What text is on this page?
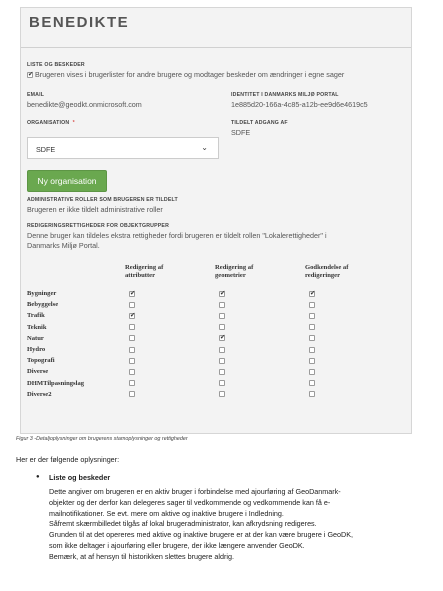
BENEDIKTE
LISTE OG BESKEDER
✔ Brugeren vises i brugerlister for andre brugere og modtager beskeder om ændringer i egne sager
EMAIL
benedikte@geodkt.onmicrosoft.com
IDENTITET I DANMARKS MILJØ PORTAL
1e885d20-166a-4c85-a12b-ee9d6e4619c5
ORGANISATION *
SDFE	⌄
TILDELT ADGANG AF
SDFE
Ny organisation
ADMINISTRATIVE ROLLER SOM BRUGEREN ER TILDELT
Brugeren er ikke tildelt administrative roller
REDIGERINGSRETTIGHEDER FOR OBJEKTGRUPPER
Denne bruger kan tildeles ekstra rettigheder fordi brugeren er tildelt rollen "Lokalerettigheder" i
Danmarks Miljø Portal.
	Redigering af
attributter	Redigering af
geometrier	Godkendelse af
redigeringer
Bygninger	✔	✔	✔
Bebyggelse			
Trafik	✔		
Teknik			
Natur		✔	
Hydro			
Topografi			
Diverse			
DHMTilpasningslag			
Diverse2			
Figur 3 -Detaljoplysninger om brugerens stamoplysninger og rettigheder
Her er der følgende oplysninger:
● Liste og beskeder
Dette angiver om brugeren er en aktiv bruger i forbindelse med ajourføring af GeoDanmark-
objekter og der derfor kan delegeres sager til vedkommende og vedkommende kan få e-
mailnotifikationer. Se evt. mere om aktive og inaktive brugere i Indledning.
Såfremt skærmbilledet tilgås af lokal brugeradministrator, kan afkrydsning redigeres.
Grunden til at det opereres med aktive og inaktive brugere er at der kan være brugere i GeoDK,
som ikke deltager i ajourføring eller brugere, der ikke længere anvender GeoDK.
Bemærk, at af hensyn til historikken slettes brugere aldrig.
